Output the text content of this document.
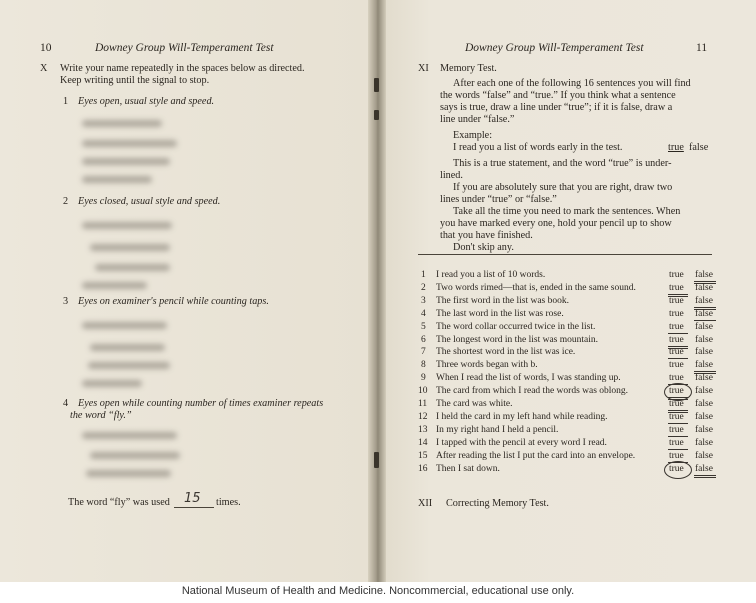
10	Downey Group Will-Temperament Test
X Write your name repeatedly in the spaces below as directed.
Keep writing until the signal to stop.
1 Eyes open, usual style and speed.
2 Eyes closed, usual style and speed.
3 Eyes on examiner's pencil while counting taps.
4 Eyes open while counting number of times examiner repeats
the word “fly.”
The word “fly” was used 15 times.
Downey Group Will-Temperament Test	11
XI Memory Test.
After each one of the following 16 sentences you will find
the words “false” and “true.” If you think what a sentence
says is true, draw a line under “true”; if it is false, draw a
line under “false.”
Example:
I read you a list of words early in the test.	true false
This is a true statement, and the word “true” is under-
lined.
If you are absolutely sure that you are right, draw two
lines under “true” or “false.”
Take all the time you need to mark the sentences. When
you have marked every one, hold your pencil up to show
that you have finished.
Don't skip any.
1 I read you a list of 10 words.	true false
2 Two words rimed—that is, ended in the same sound.	true false
3 The first word in the list was book.	true false
4 The last word in the list was rose.	true false
5 The word collar occurred twice in the list.	true false
6 The longest word in the list was mountain.	true false
7 The shortest word in the list was ice.	true false
8 Three words began with b.	true false
9 When I read the list of words, I was standing up.	true false
10 The card from which I read the words was oblong.	true false
11 The card was white.	true false
12 I held the card in my left hand while reading.	true false
13 In my right hand I held a pencil.	true false
14 I tapped with the pencil at every word I read.	true false
15 After reading the list I put the card into an envelope.	true false
16 Then I sat down.	true false
XII Correcting Memory Test.
National Museum of Health and Medicine. Noncommercial, educational use only.
